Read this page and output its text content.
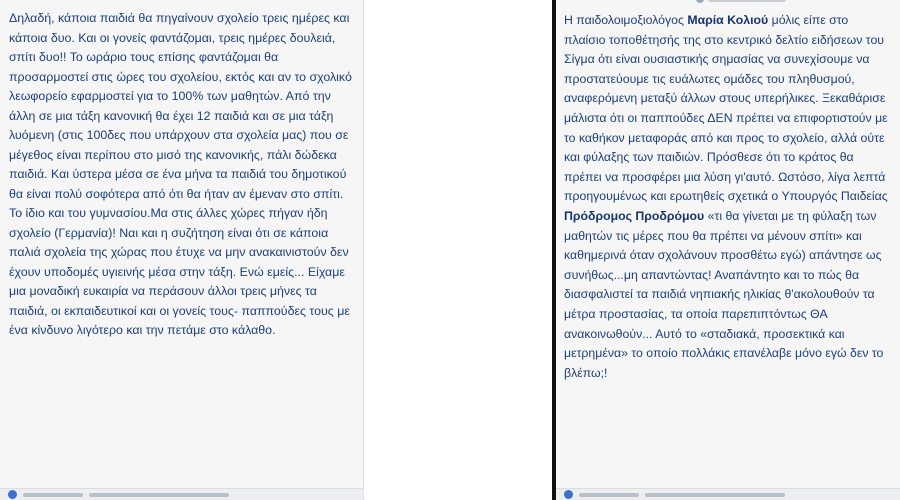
Δηλαδή, κάποια παιδιά θα πηγαίνουν σχολείο τρεις ημέρες και κάποια δυο. Και οι γονείς φαντάζομαι, τρεις ημέρες δουλειά, σπίτι δυο!! Το ωράριο τους επίσης φαντάζομαι θα προσαρμοστεί στις ώρες του σχολείου, εκτός και αν το σχολικό λεωφορείο εφαρμοστεί για το 100% των μαθητών. Από την άλλη σε μια τάξη κανονική θα έχει 12 παιδιά και σε μια τάξη λυόμενη (στις 100δες που υπάρχουν στα σχολεία μας) που σε μέγεθος είναι περίπου στο μισό της κανονικής, πάλι δώδεκα παιδιά. Και ύστερα μέσα σε ένα μήνα τα παιδιά του δημοτικού θα είναι πολύ σοφότερα από ότι θα ήταν αν έμεναν στο σπίτι. Το ίδιο και του γυμνασίου.Μα στις άλλες χώρες πήγαν ήδη σχολείο (Γερμανία)! Ναι και η συζήτηση είναι ότι σε κάποια παλιά σχολεία της χώρας που έτυχε να μην ανακαινιστούν δεν έχουν υποδομές υγιεινής μέσα στην τάξη. Ενώ εμείς... Είχαμε μια μοναδική ευκαιρία να περάσουν άλλοι τρεις μήνες τα παιδιά, οι εκπαιδευτικοί και οι γονείς τους- παππούδες τους με ένα κίνδυνο λιγότερο και την πετάμε στο κάλαθο.

Η παιδολοιμοξιολόγος Μαρία Κολιού μόλις είπε στο πλαίσιο τοποθέτησής της στο κεντρικό δελτίο ειδήσεων του Σίγμα ότι είναι ουσιαστικής σημασίας να συνεχίσουμε να προστατεύουμε τις ευάλωτες ομάδες του πληθυσμού, αναφερόμενη μεταξύ άλλων στους υπερήλικες. Ξεκαθάρισε μάλιστα ότι οι παππούδες ΔΕΝ πρέπει να επιφορτιστούν με το καθήκον μεταφοράς από και προς το σχολείο, αλλά ούτε και φύλαξης των παιδιών. Πρόσθεσε ότι το κράτος θα πρέπει να προσφέρει μια λύση γι'αυτό. Ωστόσο, λίγα λεπτά προηγουμένως και ερωτηθείς σχετικά ο Υπουργός Παιδείας Πρόδρομος Προδρόμου «τι θα γίνεται με τη φύλαξη των μαθητών τις μέρες που θα πρέπει να μένουν σπίτι» και καθημερινά όταν σχολάνουν προσθέτω εγώ) απάντησε ως συνήθως...μη απαντώντας! Αναπάντητο και το πώς θα διασφαλιστεί τα παιδιά νηπιακής ηλικίας θ'ακολουθούν τα μέτρα προστασίας, τα οποία παρεπιπτόντως ΘΑ ανακοινωθούν... Αυτό το «σταδιακά, προσεκτικά και μετρημένα» το οποίο πολλάκις επανέλαβε μόνο εγώ δεν το βλέπω;!
